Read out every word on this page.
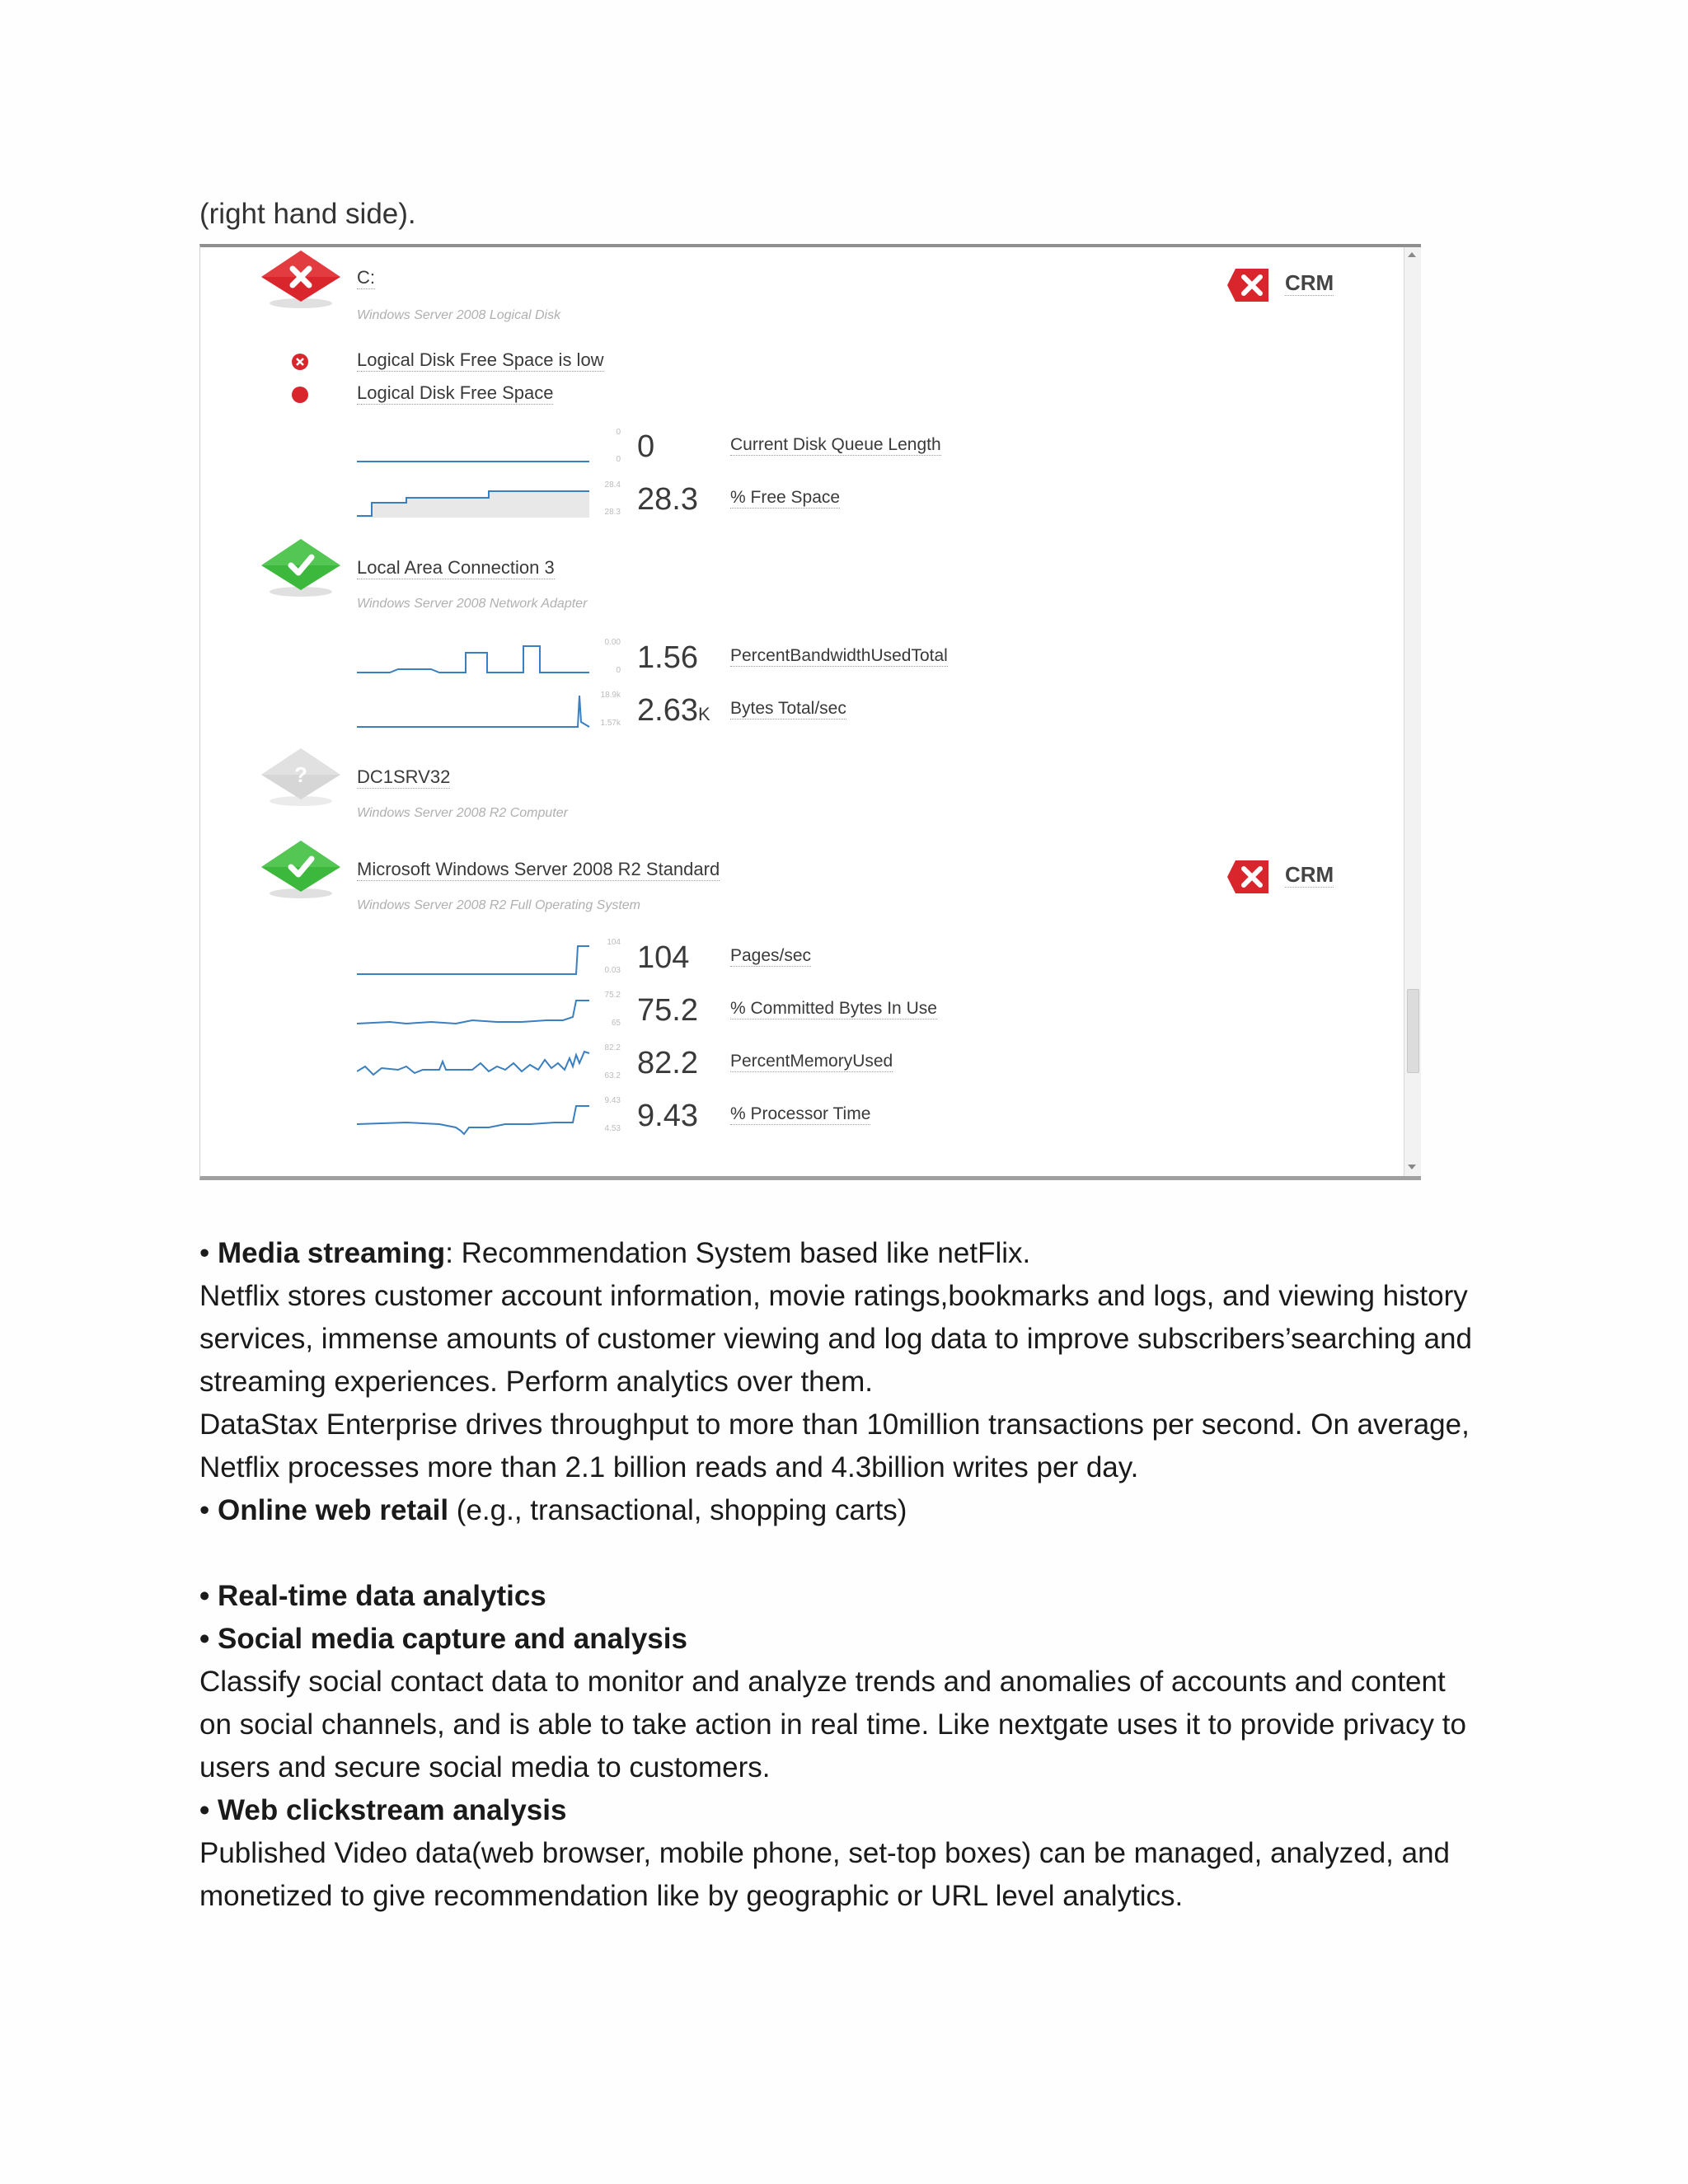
(right hand side).
C:
Windows Server 2008 Logical Disk
Logical Disk Free Space is low
Logical Disk Free Space
0
0 0	Current Disk Queue Length
28.4
28.3 28.3 % Free Space
Local Area Connection 3
Windows Server 2008 Network Adapter
0.00
0 1.56 PercentBandwidthUsedTotal
18.9k
1.57k 2.63K Bytes Total/sec
?	DC1SRV32
Windows Server 2008 R2 Computer
Microsoft Windows Server 2008 R2 Standard
Windows Server 2008 R2 Full Operating System
104
0.03 104 Pages/sec
75.2
65 75.2 % Committed Bytes In Use
82.2
63.2 82.2 PercentMemoryUsed
9.43
4.53 9.43 % Processor Time
CRM
CRM

• Media streaming: Recommendation System based like netFlix.

Netflix stores customer account information, movie ratings,bookmarks and logs, and viewing history services, immense amounts of customer viewing and log data to improve subscribers’searching and streaming experiences. Perform analytics over them.

DataStax Enterprise drives throughput to more than 10million transactions per second. On average, Netflix processes more than 2.1 billion reads and 4.3billion writes per day.

• Online web retail (e.g., transactional, shopping carts)

• Real-time data analytics

• Social media capture and analysis

Classify social contact data to monitor and analyze trends and anomalies of accounts and content on social channels, and is able to take action in real time. Like nextgate uses it to provide privacy to users and secure social media to customers.

• Web clickstream analysis

Published Video data(web browser, mobile phone, set-top boxes) can be managed, analyzed, and monetized to give recommendation like by geographic or URL level analytics.
